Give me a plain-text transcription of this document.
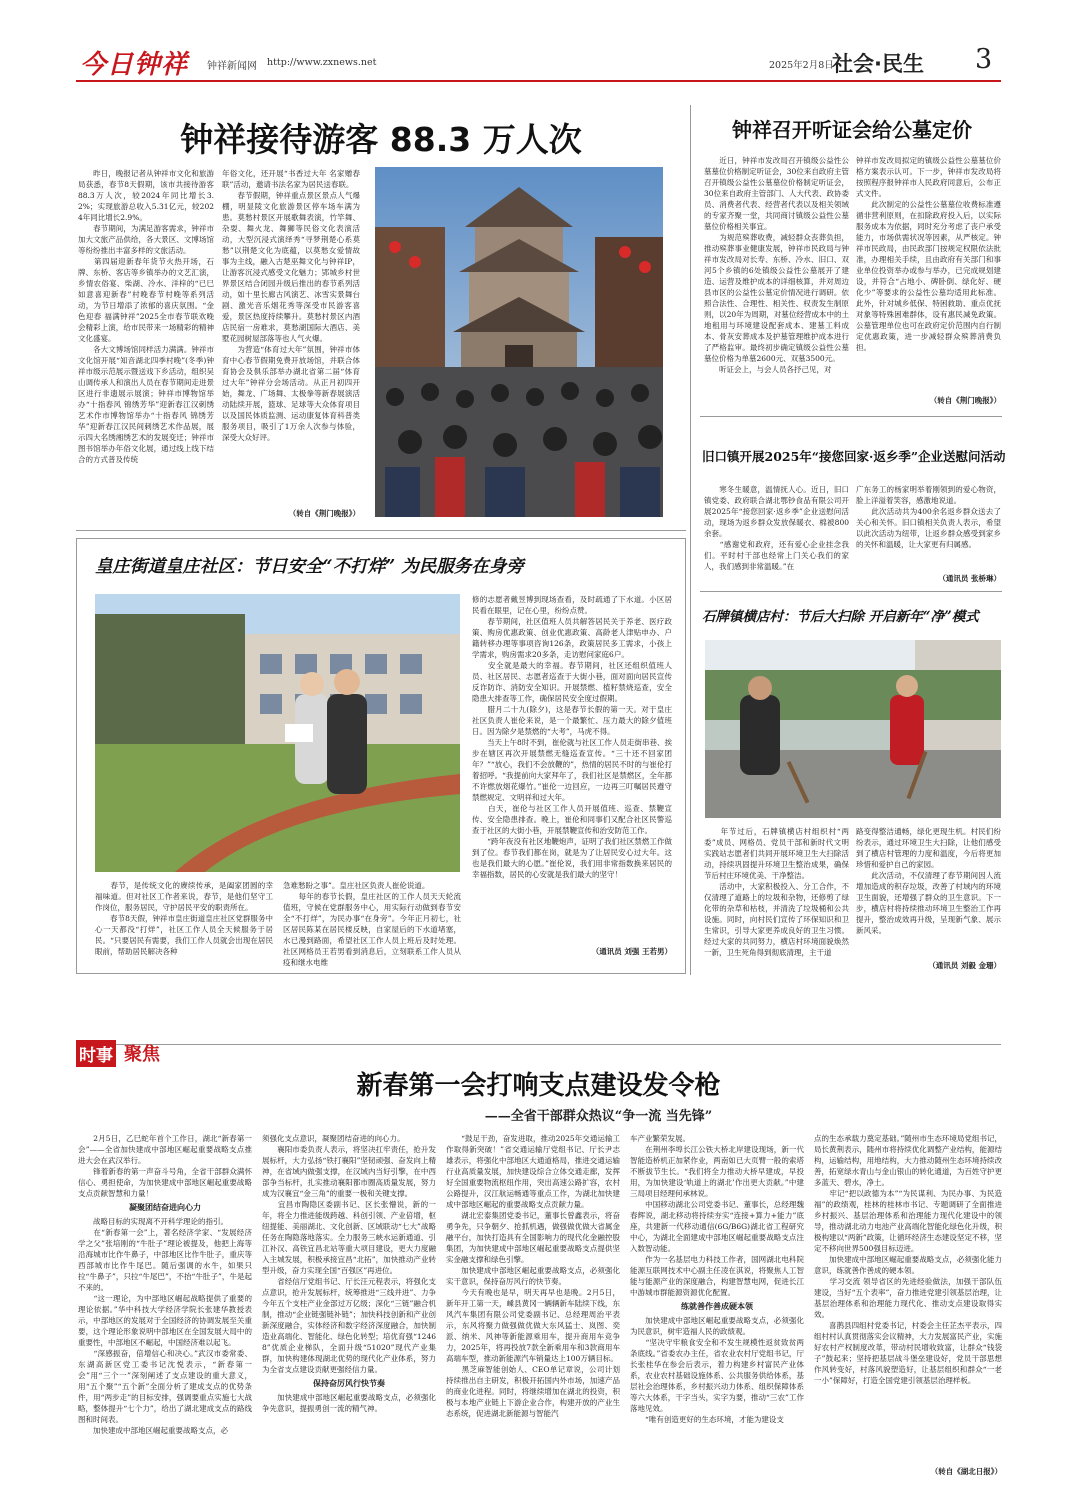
今日钟祥 钟祥新闻网 http://www.zxnews.net	2025年2月8日
社会·民生 3
钟祥接待游客 88.3 万人次

　　昨日，晚报记者从钟祥市文化和旅游局获悉，春节8天假期，该市共接待游客88.3万人次，较2024年同比增长3.2%；实现旅游总收入5.31亿元，较2024年同比增长2.9%。
　　春节期间，为满足游客需求，钟祥市加大文旅产品供给，各大景区、文博场馆等纷纷推出丰富多样的文旅活动。
　　第四届迎新春年货节火热开场，石牌、东桥、客店等乡镇举办的文艺汇演，乡情农俗宴、柴湖、冷水、洋梓的“已巳如意喜迎新春”村晚春节村晚等系列活动，为节日增添了浓郁的喜庆氛围。“金色迎春 福满钟祥”2025全市春节联欢晚会精彩上演，给市民带来一场精彩的精神文化盛宴。
　　各大文博场馆同样活力满满。钟祥市文化馆开展“知音湖北四季村晚”(冬季)钟祥市级示范展示暨送戏下乡活动，组织吴山调传承人和演出人员在春节期间走进景区进行非遗展示展演；钟祥市博物馆举办“十指春风 锦绣芳华”迎新春江汉刺绣艺术作市博物馆举办“十指春风 锦绣芳华”迎新春江汉民间刺绣艺术作品展，展示四大名绣湘绣艺术的发展变迁；钟祥市图书馆举办年俗文化展，通过线上线下结合的方式普及传统

年俗文化，还开展“书香过大年 名家赠春联”活动，邀请书法名家为居民送春联。
　　春节假期，钟祥重点景区景点人气爆棚，明显陵文化旅游景区停车场车满为患。莫愁村景区开展歌舞表演，竹竿舞、杂耍、舞火龙、舞狮等民俗文化表演活动，大型沉浸式演绎秀“寻梦荆楚心系莫愁”以荆楚文化为底蕴，以莫愁女爱情故事为主线，融入古楚巫舞文化与钟祥IP，让游客沉浸式感受文化魅力；郢城乡村世界景区结合闭园升级后推出的春节系列活动，如十里长廊古风演艺、冰雪实景舞台剧、激光音乐烟花秀等深受市民游客喜爱，景区热度持续攀升。莫愁村景区内酒店民宿一房难求，莫愁湖国际大酒店、美墅花园树屋部落等也人气火爆。
　　为营造“体育过大年”氛围，钟祥市体育中心春节假期免费开放场馆，并联合体育协会及俱乐部举办湖北省第二届“体育过大年”钟祥分会场活动。从正月初四开始，舞龙、广场舞、太极拳等新春展演活动陆续开展，篮球、足球等大众体育项目以及国民体质监测、运动康复体育科普类服务项目，吸引了1万余人次参与体验，深受大众好评。

（转自《荆门晚报》）
钟祥召开听证会给公墓定价

　　近日，钟祥市发改局召开镇级公益性公墓墓位价格制定听证会，30位来自政府主管召开镇级公益性公墓墓位价格制定听证会，30位来自政府主管部门、人大代表、政协委员、消费者代表、经营者代表以及相关领域的专家齐聚一堂，共同商讨镇级公益性公墓墓位价格相关事宜。
　　为规范殡葬收费，减轻群众丧葬负担，推动殡葬事业健康发展，钟祥市民政局与钟祥市发改局对长寿、东桥、冷水、旧口、双河5个乡镇的6处镇级公益性公墓展开了建造、运营及维护成本的详细核算，并对周边县市区的公益性公墓定价情况进行调研。依照合法性、合理性、相关性、权责发生制原则，以20年为周期，对墓位经营成本中的土地租用与环境建设配套成本、建墓工料成本、骨灰安葬成本及护墓管理维护成本进行了严格监审。最终初步确定镇级公益性公墓墓位价格为单墓2600元、双墓3500元。
　　听证会上，与会人员各抒己见，对

钟祥市发改局拟定的镇级公益性公墓墓位价格方案表示认可。下一步，钟祥市发改局将按照程序报钟祥市人民政府同意后，公布正式文件。
　　此次制定的公益性公墓墓位收费标准遵循非营利原则，在扣除政府投入后，以实际服务成本为依据，同时充分考虑了丧户承受能力，市场供需状况等因素，从严核定。钟祥市民政局，由民政部门按规定权限依法批准，办理相关手续，且由政府有关部门和事业单位投资举办或参与举办，已完成规划建设，并符合“占地小、碑卧倒、绿化好、硬化少”等要求的公益性公墓均适用此标准。此外，针对城乡低保、特困救助、重点优抚对象等特殊困难群体，设有惠民减免政策。公墓管理单位也可在政府定价范围内自行制定优惠政策，进一步减轻群众殡葬消费负担。

（转自《荆门晚报》）
旧口镇开展2025年“接您回家·返乡季”企业送慰问活动

　　寒冬生暖意，温情抚人心。近日，旧口镇党委、政府联合湖北鄂钞食品有限公司开展2025年“接您回家·返乡季”企业送慰问活动，现场为返乡群众发放保暖衣、棉被800余套。
　　“感谢党和政府，还有爱心企业挂念我们。平时村干部也经常上门关心我们的家人，我们感到非常温暖。”在

广东务工的杨家明举着刚领到的爱心物资，脸上洋溢着笑容，感激地说道。
　　此次活动共为400余名返乡群众送去了关心和关怀。旧口镇相关负责人表示，希望以此次活动为纽带，让返乡群众感受到家乡的关怀和温暖，让大家更有归属感。

（通讯员 张桥琳）
皇庄街道皇庄社区：节日安全“不打烊” 为民服务在身旁

　　春节，是传统文化的赓续传承，是阖家团圆的幸福味道。但对社区工作者来说，春节，是他们坚守工作岗位，服务居民，守护居民平安的职责所在。
　　春节8天假，钟祥市皇庄街道皇庄社区党群服务中心一天都没“打烊”，社区工作人员全天候服务于居民。“只要居民有需要，我们工作人员就会出现在居民眼前，帮助居民解决各种

急难愁盼之事”。皇庄社区负责人崔伦说道。
　　每年的春节长假，皇庄社区的工作人员天天轮流值班，守候在党群服务中心，用实际行动做到春节安全“不打烊”，为民办事“在身旁”。今年正月初七，社区居民陈某在居民楼反映，自家屋后的下水道堵塞，水已漫到路面，希望社区工作人员上班后及时处理。社区网格员王若男看到消息后，立刻联系工作人员从疫和继水电维

修的志愿者戴昱博到现场查看，及时疏通了下水道。小区居民看在眼里，记在心里，纷纷点赞。
　　春节期间，社区值班人员共解答居民关于养老、医疗政策、购房优惠政策、创业优惠政策、高龄老人津贴申办、户籍转移办理等事项咨询126条，政策居民多工需求，小孩上学需求，购房需求20多条，走访慰问家庭6户。
　　安全就是最大的幸福。春节期间，社区还组织值班人员、社区居民、志愿者巡查于大街小巷，面对面向居民宣传反诈防诈、消防安全知识。开展禁燃、植籽禁烧巡查，安全隐患大排查等工作，确保居民安全度过假期。
　　腊月二十九(除夕)，这是春节长假的第一天。对于皇庄社区负责人崔伦来说，是一个最繁忙、压力最大的除夕值班日。因为除夕是禁燃的“大考”，马虎不得。
　　当天上午8时不到，崔伦就与社区工作人员走街串巷、挨步在辖区再次开展禁燃无缝巡查宣传。“三十还不回家团年？”“放心，我们不会放鞭的”，热情的居民不时的与崔伦打着招呼。“我提前向大家拜年了，我们社区是禁燃区，全年都不许燃放烟花爆竹。”崔伦一边回应，一边再三叮嘱居民遵守禁燃规定、文明祥和过大年。
　　白天，崔伦与社区工作人员开展值班、巡查、禁鞭宣传、安全隐患排查。晚上，崔伦和同事们又配合社区民警巡查于社区的大街小巷，开展禁鞭宣传和治安防范工作。
　　“跨年夜没有社区地鞭炮声，证明了我们社区禁燃工作做到了位。春节我们都在岗，就是为了让居民安心过大年。这也是我们最大的心愿。”崔伦说，我们用非常指数换来居民的幸福指数，居民的心安就是我们最大的坚守！

（通讯员 刘强 王若男）
石牌镇横店村：节后大扫除 开启新年“净”模式

　　年节过后，石牌镇横店村组织村“两委”成员、网格员、党员干部和新时代文明实践站志愿者们共同开展环境卫生大扫除活动，持续巩固提升环境卫生整治成果，确保节后村庄环境优美、干净整洁。
　　活动中，大家积极投入、分工合作，不仅清理了道路上的垃圾和杂物，还修剪了绿化带的杂草和枯枝，并清洗了垃圾桶和公共设施。同时，向村民们宣传了环保知识和卫生常识，引导大家更养成良好的卫生习惯。经过大家的共同努力，横店村环境面貌焕然一新，卫生死角得到彻底清理，主干道

路变得整洁通畅，绿化更现生机。村民们纷纷表示，通过环境卫生大扫除，让他们感受到了横店村管理的力度和温度，今后将更加珍惜和爱护自己的家园。
　　此次活动，不仅清理了春节期间因人流增加造成的积存垃圾，改善了村域内的环境卫生面貌，还增强了群众的卫生意识。下一步，横店村将持续推动环境卫生整治工作再提升，整治成效再升级，呈现新气象、展示新风采。

（通讯员 刘毅 金珊）
时事 聚焦
新春第一会打响支点建设发令枪
——全省干部群众热议“争一流 当先锋”

　　2月5日，乙巳蛇年首个工作日，湖北“新春第一会”——全省加快建成中部地区崛起重要战略支点推进大会在武汉举行。
　　锋着新春的第一声奋斗号角，全省干部群众满怀信心、勇担使命，为加快建成中部地区崛起重要战略支点贡献智慧和力量！

凝聚团结奋进向心力

　　战略目标的实现离不开科学理论的指引。
　　在“新春第一会”上，著名经济学家、“发展经济学之父”张培刚的“牛肚子”理论被提及，他把上海等沿海城市比作牛鼻子，中部地区比作牛肚子，重庆等西部城市比作牛尾巴。随后强调的水牛，如果只拉“牛鼻子”，只拉“牛尾巴”，不抬“牛肚子”，牛是起不来的。
　　“这一理论，为中部地区崛起战略提供了重要的理论依据。”华中科技大学经济学院长张建华教授表示，中部地区的发展对于全国经济的协调发展至关重要，这个理论形象说明中部地区在全国发展大局中的重要性，中部地区不崛起，中国经济难以起飞。
　　“深感振奋，倍增信心和决心。”武汉市委常委、东湖高新区党工委书记沈悦表示，“新春第一会”用“三个一”深刻阐述了支点建设的重大意义，用“五个聚”“五个新”全面分析了建成支点的优势条件，用“两步走”的目标安排，强调要重点实施七大战略，整体提升“七个力”，给出了湖北建成支点的路线图和时间表。
　　加快建成中部地区崛起重要战略支点，必

须强化支点意识，凝聚团结奋进的向心力。
　　襄阳市委负责人表示，将坚决扛牢责任，抢升发展标杆，大力弘扬“铁打襄阳”坚韧顽强、奋发向上精神，在省域内做强支撑，在汉域内当好引擎，在中西部争当标杆，扎实推动襄阳都市圈高质量发展，努力成为汉襄宜“金三角”的重要一极和关键支撑。
　　宜昌市陶隐区委副书记、区长张懵说，新的一年，将全力推进能级跨越、科创引领、产业倍增，枢纽提能、美丽湖北、文化创新、区域联动“七大”战略任务在陶隐落地落实。全力服务三峡水运新通道、引江补汉、高铁宜昌北站等重大项目建设，更大力度融入主城发展，积极承接宜昌“北拓”，加快推动产业转型升级，奋力实现全国“百强区”再进位。
　　省经信厅党组书记、厅长汪元程表示，将强化支点意识，抢升发展标杆，统筹推进“三线并进”、力争今年五个支柱产业金部过万亿级；深化“三链”融合机制，推动“企业链强链补链”；加快科技创新和产业创新深度融合，实体经济和数字经济深度融合，加快制造业高端化、智能化、绿色化转型；培优育强“12468”优质企业梯队，全面升级“51020”现代产业集群，加快构建体现湖北优势的现代化产业体系，努力为全省支点建设贡献更强经信力量。

保持奋厉风行快节奏

　　加快建成中部地区崛起重要战略支点，必须强化争先意识，提振勇创一流的精气神。

　　“鼓足干劲，奋发进取，推动2025年交通运输工作取得新突破！”省交通运输厅党组书记、厅长尹志雄表示，将强化中部地区大通道格局，推进交通运输行业高质量发展，加快建设综合立体交通走廊，发挥好全国重要物流枢纽作用，突出高速公路扩容，农村公路提升，汉江航运畅通等重点工作，为湖北加快建成中部地区崛起的重要战略支点贡献力量。
　　湖北宏泰集团党委书记，董事长曾鑫表示，将奋勇争先，只争朝夕、抢抓机遇，做强做优做大省属金融平台，加快打造具有全国影响力的现代化金融控股集团，为加快建成中部地区崛起重要战略支点提供坚实金融支撑和绿色引擎。
　　加快建成中部地区崛起重要战略支点，必须强化实干意识，保持奋厉风行的快节奏。
　　今天有晚也是早，明天再早也是晚。2月5日，新年开工第一天，嵊县黄冈一辆辆新车陆续下线，东风汽车集团有限公司党委副书记、总经理周治平表示，东风将聚力做强做优做大东风猛士、岚图、奕派、纳米、风神等新能源乘用车，提升商用车竞争力，2025年，将再投放7款全新乘用车和3款商用车高端车型，推动新能源汽车销量达上100万辆目标。
　　黑芝麻智能创始人、CEO单记章说，公司计划持续推出自主研发，积极开拓国内外市场，加速产品的商业化进程。同时，将继续增加在湖北的投资，积极与本地产业链上下游企业合作，构建开放的产业生态系统，促进湖北新能源与智能汽

车产业繁荣发展。
　　在荆州李埠长江公铁大桥北岸建设现场，新一代智能造桥机正加紧作业，两南如已大页臂一般的索塔不断拔节生长。“我们将全力推动大桥早建成，早投用，为加快建设‘轨道上的湖北’作出更大贡献。”中建三局项目经理何承林说。
　　中国移动湖北公司党委书记、董事长，总经理魏春辉说，湖北移动将持续夯实“连接+算力+能力”底座，共建新一代移动通信(6G/B6G)湖北省工程研究中心，为湖北全面建成中部地区崛起重要战略支点注入数智动能。
　　作为一名基层电力科技工作者，国网湖北电科院能源互联网技术中心副主任凌在淇说，将聚焦人工智能与能源产业的深度融合，构建智慧电网，促进长江中游城市群能源资源优化配置。

练就善作善成硬本领

　　加快建成中部地区崛起重要战略支点，必须强化为民意识，树牢造福人民的政绩观。
　　“坚决守牢粮食安全和不发生规模性返贫致贫两条底线。”省委农办主任，省农业农村厅党组书记，厅长张桂华在参会后表示，着力构建乡村富民产业体系，农业农村基础设施体系、公共服务供给体系，基层社会治理体系，乡村振兴动力体系、组织保障体系等六大体系，干字当头，实字为要，推动“三农”工作落地见效。
　　“唯有创造更好的生态环境，才能为建设支

点的生态承载力奠定基础。”随州市生态环境局党组书记，局长黄荆表示，随州市将持续优化调整产业结构，能源结构，运输结构，用地结构，大力推动随州生态环境持续改善，拓宽绿水青山与金山银山的转化通道，为百姓守护更多蓝天、碧水，净土。
　　牢记“把以政德为本”“为民谋利、为民办事、为民造福”的政绩观，桂林的桂林市书记、专题调研了全面推进乡村振兴、基层治理体系和治理能力现代化建设中的领导，推动湖北动力电池产业高端化智能化绿色化升级，积极构建以“两新”政策，让循环经济生态建设坚定不移，坚定不移向世界500强目标迈进。
　　加快建成中部地区崛起重要战略支点，必须强化能力意识，练就善作善成的硬本领。
　　学习交流 领导省区的先进经验做法，加强干部队伍建设，当好“五个表率”，奋力推进党建引领基层治理，让基层治理体系和治理能力现代化、推动支点建设取得实效。
　　喜鹊县四组村党委书记，村委会主任芷杰平表示，四组村村认真贯彻落实会议精神，大力发展富民产业，实施好农村产权制度改革，带动村民增收致富，让群众“钱袋子”鼓起来；坚持把基层战斗堡垒建设好，党员干部思想作风转变好，村落风貌塑造好，让基层组织和群众“一老一小”保障好，打造全国党建引领基层治理样板。

（转自《湖北日报》）
